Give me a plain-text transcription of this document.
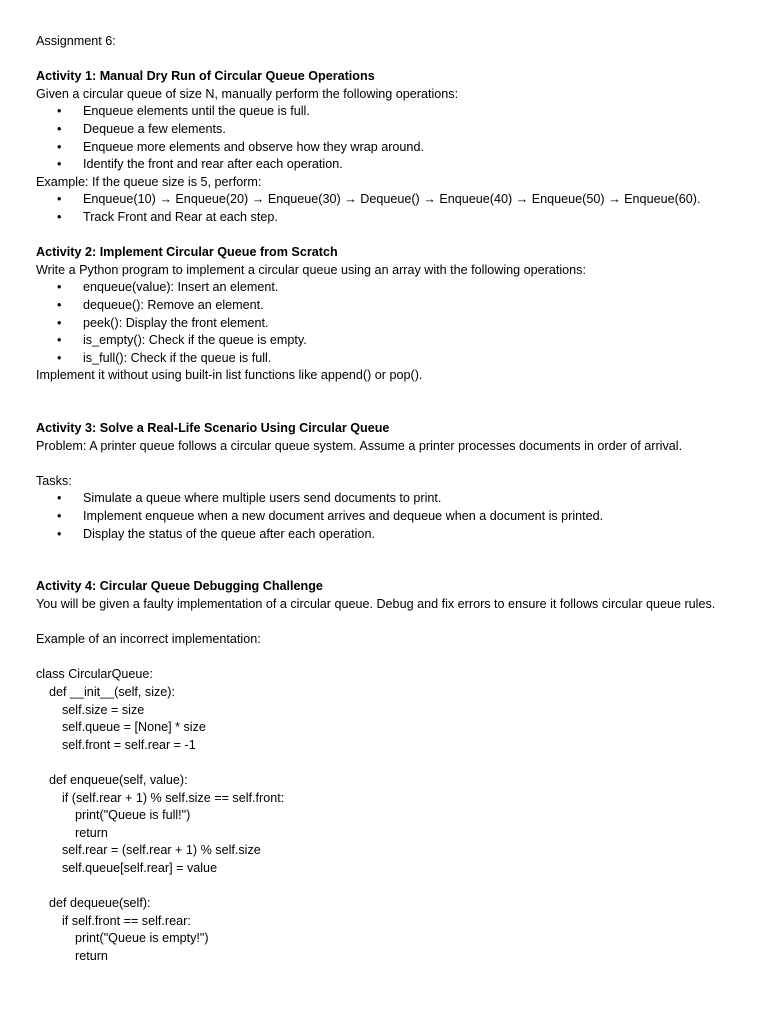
Assignment 6:
Activity 1: Manual Dry Run of Circular Queue Operations
Given a circular queue of size N, manually perform the following operations:
• Enqueue elements until the queue is full.
• Dequeue a few elements.
• Enqueue more elements and observe how they wrap around.
• Identify the front and rear after each operation.
Example: If the queue size is 5, perform:
• Enqueue(10) → Enqueue(20) → Enqueue(30) → Dequeue() → Enqueue(40) → Enqueue(50) → Enqueue(60).
• Track Front and Rear at each step.
Activity 2: Implement Circular Queue from Scratch
Write a Python program to implement a circular queue using an array with the following operations:
• enqueue(value): Insert an element.
• dequeue(): Remove an element.
• peek(): Display the front element.
• is_empty(): Check if the queue is empty.
• is_full(): Check if the queue is full.
Implement it without using built-in list functions like append() or pop().
Activity 3: Solve a Real-Life Scenario Using Circular Queue
Problem: A printer queue follows a circular queue system. Assume a printer processes documents in order of arrival.
Tasks:
• Simulate a queue where multiple users send documents to print.
• Implement enqueue when a new document arrives and dequeue when a document is printed.
• Display the status of the queue after each operation.
Activity 4: Circular Queue Debugging Challenge
You will be given a faulty implementation of a circular queue. Debug and fix errors to ensure it follows circular queue rules.
Example of an incorrect implementation:
class CircularQueue:
def __init__(self, size):
self.size = size
self.queue = [None] * size
self.front = self.rear = -1
def enqueue(self, value):
if (self.rear + 1) % self.size == self.front:
print("Queue is full!")
return
self.rear = (self.rear + 1) % self.size
self.queue[self.rear] = value
def dequeue(self):
if self.front == self.rear:
print("Queue is empty!")
return
